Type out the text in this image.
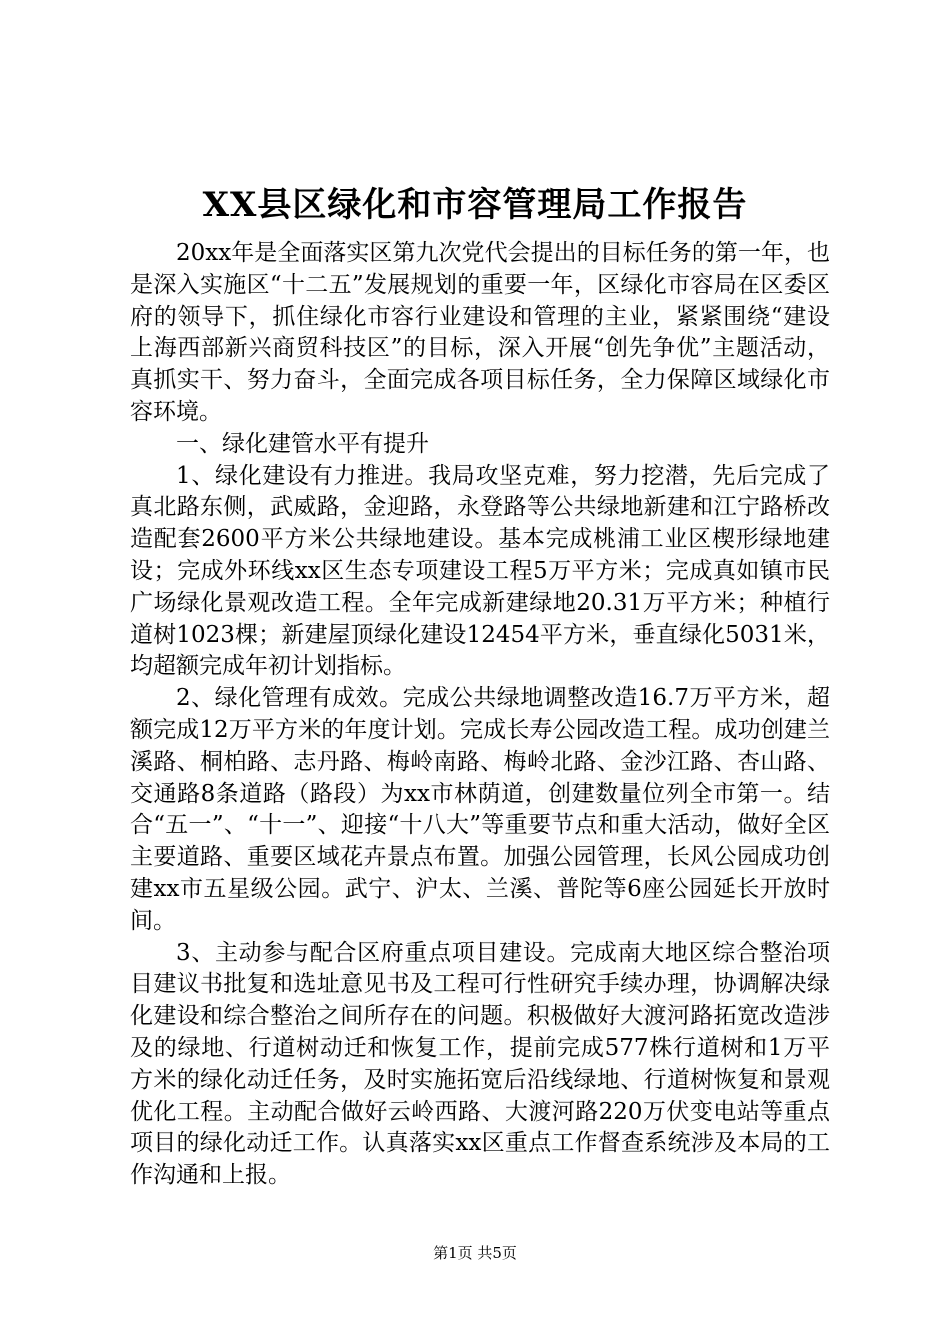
XX县区绿化和市容管理局工作报告

20xx年是全面落实区第九次党代会提出的目标任务的第一年，也是深入实施区“十二五”发展规划的重要一年，区绿化市容局在区委区府的领导下，抓住绿化市容行业建设和管理的主业，紧紧围绕“建设上海西部新兴商贸科技区”的目标，深入开展“创先争优”主题活动，真抓实干、努力奋斗，全面完成各项目标任务，全力保障区域绿化市容环境。

一、绿化建管水平有提升

1、绿化建设有力推进。我局攻坚克难，努力挖潜，先后完成了真北路东侧，武威路，金迎路，永登路等公共绿地新建和江宁路桥改造配套2600平方米公共绿地建设。基本完成桃浦工业区楔形绿地建设；完成外环线xx区生态专项建设工程5万平方米；完成真如镇市民广场绿化景观改造工程。全年完成新建绿地20.31万平方米；种植行道树1023棵；新建屋顶绿化建设12454平方米，垂直绿化5031米，均超额完成年初计划指标。

2、绿化管理有成效。完成公共绿地调整改造16.7万平方米，超额完成12万平方米的年度计划。完成长寿公园改造工程。成功创建兰溪路、桐柏路、志丹路、梅岭南路、梅岭北路、金沙江路、杏山路、交通路8条道路（路段）为xx市林荫道，创建数量位列全市第一。结合“五一”、“十一”、迎接“十八大”等重要节点和重大活动，做好全区主要道路、重要区域花卉景点布置。加强公园管理，长风公园成功创建xx市五星级公园。武宁、沪太、兰溪、普陀等6座公园延长开放时间。

3、主动参与配合区府重点项目建设。完成南大地区综合整治项目建议书批复和选址意见书及工程可行性研究手续办理，协调解决绿化建设和综合整治之间所存在的问题。积极做好大渡河路拓宽改造涉及的绿地、行道树动迁和恢复工作，提前完成577株行道树和1万平方米的绿化动迁任务，及时实施拓宽后沿线绿地、行道树恢复和景观优化工程。主动配合做好云岭西路、大渡河路220万伏变电站等重点项目的绿化动迁工作。认真落实xx区重点工作督查系统涉及本局的工作沟通和上报。

第1页 共5页
